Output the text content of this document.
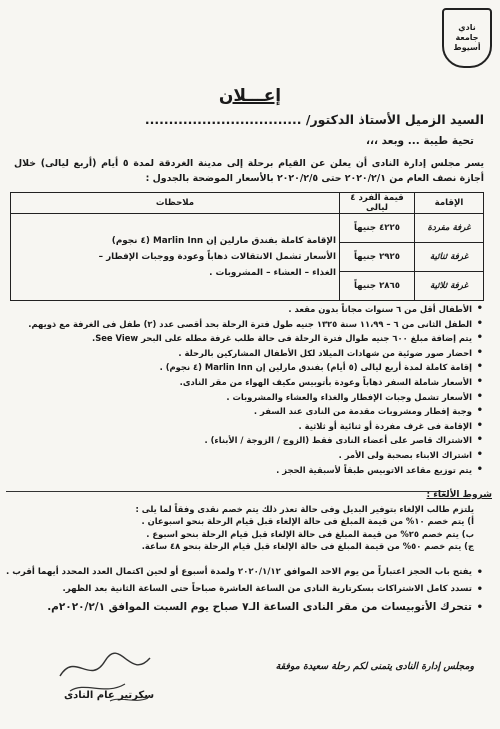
نادي
جامعة
أسيوط
إعـــلان
السيد الزميل الأستاذ الدكتور/ .................................
تحية طيبة ... وبعد ،،،
يسر مجلس إدارة النادى أن يعلن عن القيام برحلة إلى مدينة الغردقة لمدة ٥ أيام (أربع ليالى) خلال أجازة نصف العام من ٢٠٢٠/٢/١ حتى ٢٠٢٠/٢/٥ بالأسعار الموضحة بالجدول :
الإقامة	قيمة الفرد ٤ ليالى	ملاحظات
غرفة مفردة	٤٢٢٥ جنيهاً	الإقامة كاملة بفندق مارلين إن Marlin Inn (٤ نجوم)
الأسعار تشمل الانتقالات ذهاباً وعودة ووجبات الإفطار –
الغذاء – العشاء – المشروبات .

غرفة ثنائية	٢٩٢٥ جنيهاً	
غرفة ثلاثية	٢٨٦٥ جنيهاً	
• الأطفال أقل من ٦ سنوات مجاناً بدون مقعد .
• الطفل الثانى من ٦ – ١١،٩٩ سنة ١٣٢٥ جنيه طول فترة الرحلة بحد أقصى عدد (٢) طفل فى الغرفة مع ذويهم.
• يتم إضافة مبلغ ٦٠٠ جنيه طوال فترة الرحلة فى حالة طلب غرفة مطله على البحر See View.
• احضار صور ضوئية من شهادات الميلاد لكل الأطفال المشاركين بالرحلة .
• إقامة كاملة لمدة أربع ليالى (٥ أيام) بفندق مارلين إن Marlin Inn (٤ نجوم) .
• الأسعار شاملة السفر ذهاباً وعودة بأتوبيس مكيف الهواء من مقر النادى.
• الأسعار تشمل وجبات الإفطار والغذاء والعشاء والمشروبات .
• وجبة إفطار ومشروبات مقدمة من النادى عند السفر .
• الإقامة فى غرف مفردة أو ثنائية أو ثلاثية .
• الاشتراك قاصر على أعضاء النادى فقط (الزوج / الزوجة / الأبناء) .
• اشتراك الابناء بصحبة ولى الأمر .
• يتم توزيع مقاعد الاتوبيس طبقاً لأسبقية الحجز .
شروط الألغاء :
يلتزم طالب الإلغاء بتوفير البديل وفى حالة تعذر ذلك يتم خصم نقدى وفقاً لما يلى :
أ) يتم خصم ١٠% من قيمة المبلغ فى حالة الإلغاء قبل قيام الرحلة بنحو اسبوعان .
ب) يتم خصم ٢٥% من قيمة المبلغ فى حالة الإلغاء قبل قيام الرحلة بنحو اسبوع .
ج) يتم خصم ٥٠% من قيمة المبلغ فى حالة الإلغاء قبل قيام الرحلة بنحو ٤٨ ساعة.
• يفتح باب الحجز اعتباراً من يوم الاحد الموافق ٢٠٢٠/١/١٢ ولمدة أسبوع أو لحين اكتمال العدد المحدد أيهما أقرب .
• تسدد كامل الاشتراكات بسكرتارية النادى من الساعة العاشرة صباحاً حتى الساعة الثانية بعد الظهر.
• تتحرك الأتوبيسات من مقر النادى الساعة الـ٧ صباح يوم السبت الموافق ٢٠٢٠/٢/١م.
ومجلس إدارة النادى يتمنى لكم رحلة سعيدة موفقة
سكرتير عام النادى
